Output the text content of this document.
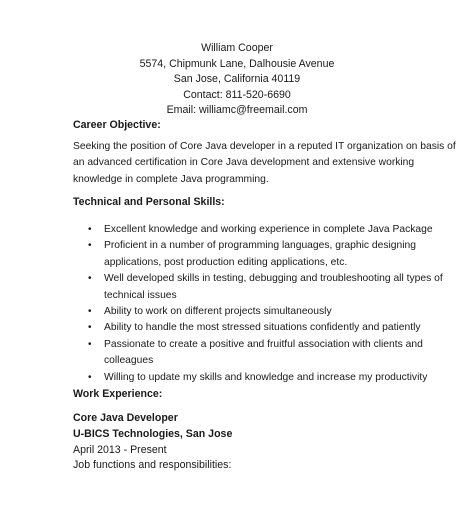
William Cooper
5574, Chipmunk Lane, Dalhousie Avenue
San Jose, California 40119
Contact: 811-520-6690
Email: williamc@freemail.com
Career Objective:
Seeking the position of Core Java developer in a reputed IT organization on basis of
an advanced certification in Core Java development and extensive working
knowledge in complete Java programming.
Technical and Personal Skills:
• Excellent knowledge and working experience in complete Java Package
• Proficient in a number of programming languages, graphic designing
applications, post production editing applications, etc.
• Well developed skills in testing, debugging and troubleshooting all types of
technical issues
• Ability to work on different projects simultaneously
• Ability to handle the most stressed situations confidently and patiently
• Passionate to create a positive and fruitful association with clients and
colleagues
• Willing to update my skills and knowledge and increase my productivity
Work Experience:
Core Java Developer
U-BICS Technologies, San Jose
April 2013 - Present
Job functions and responsibilities:
